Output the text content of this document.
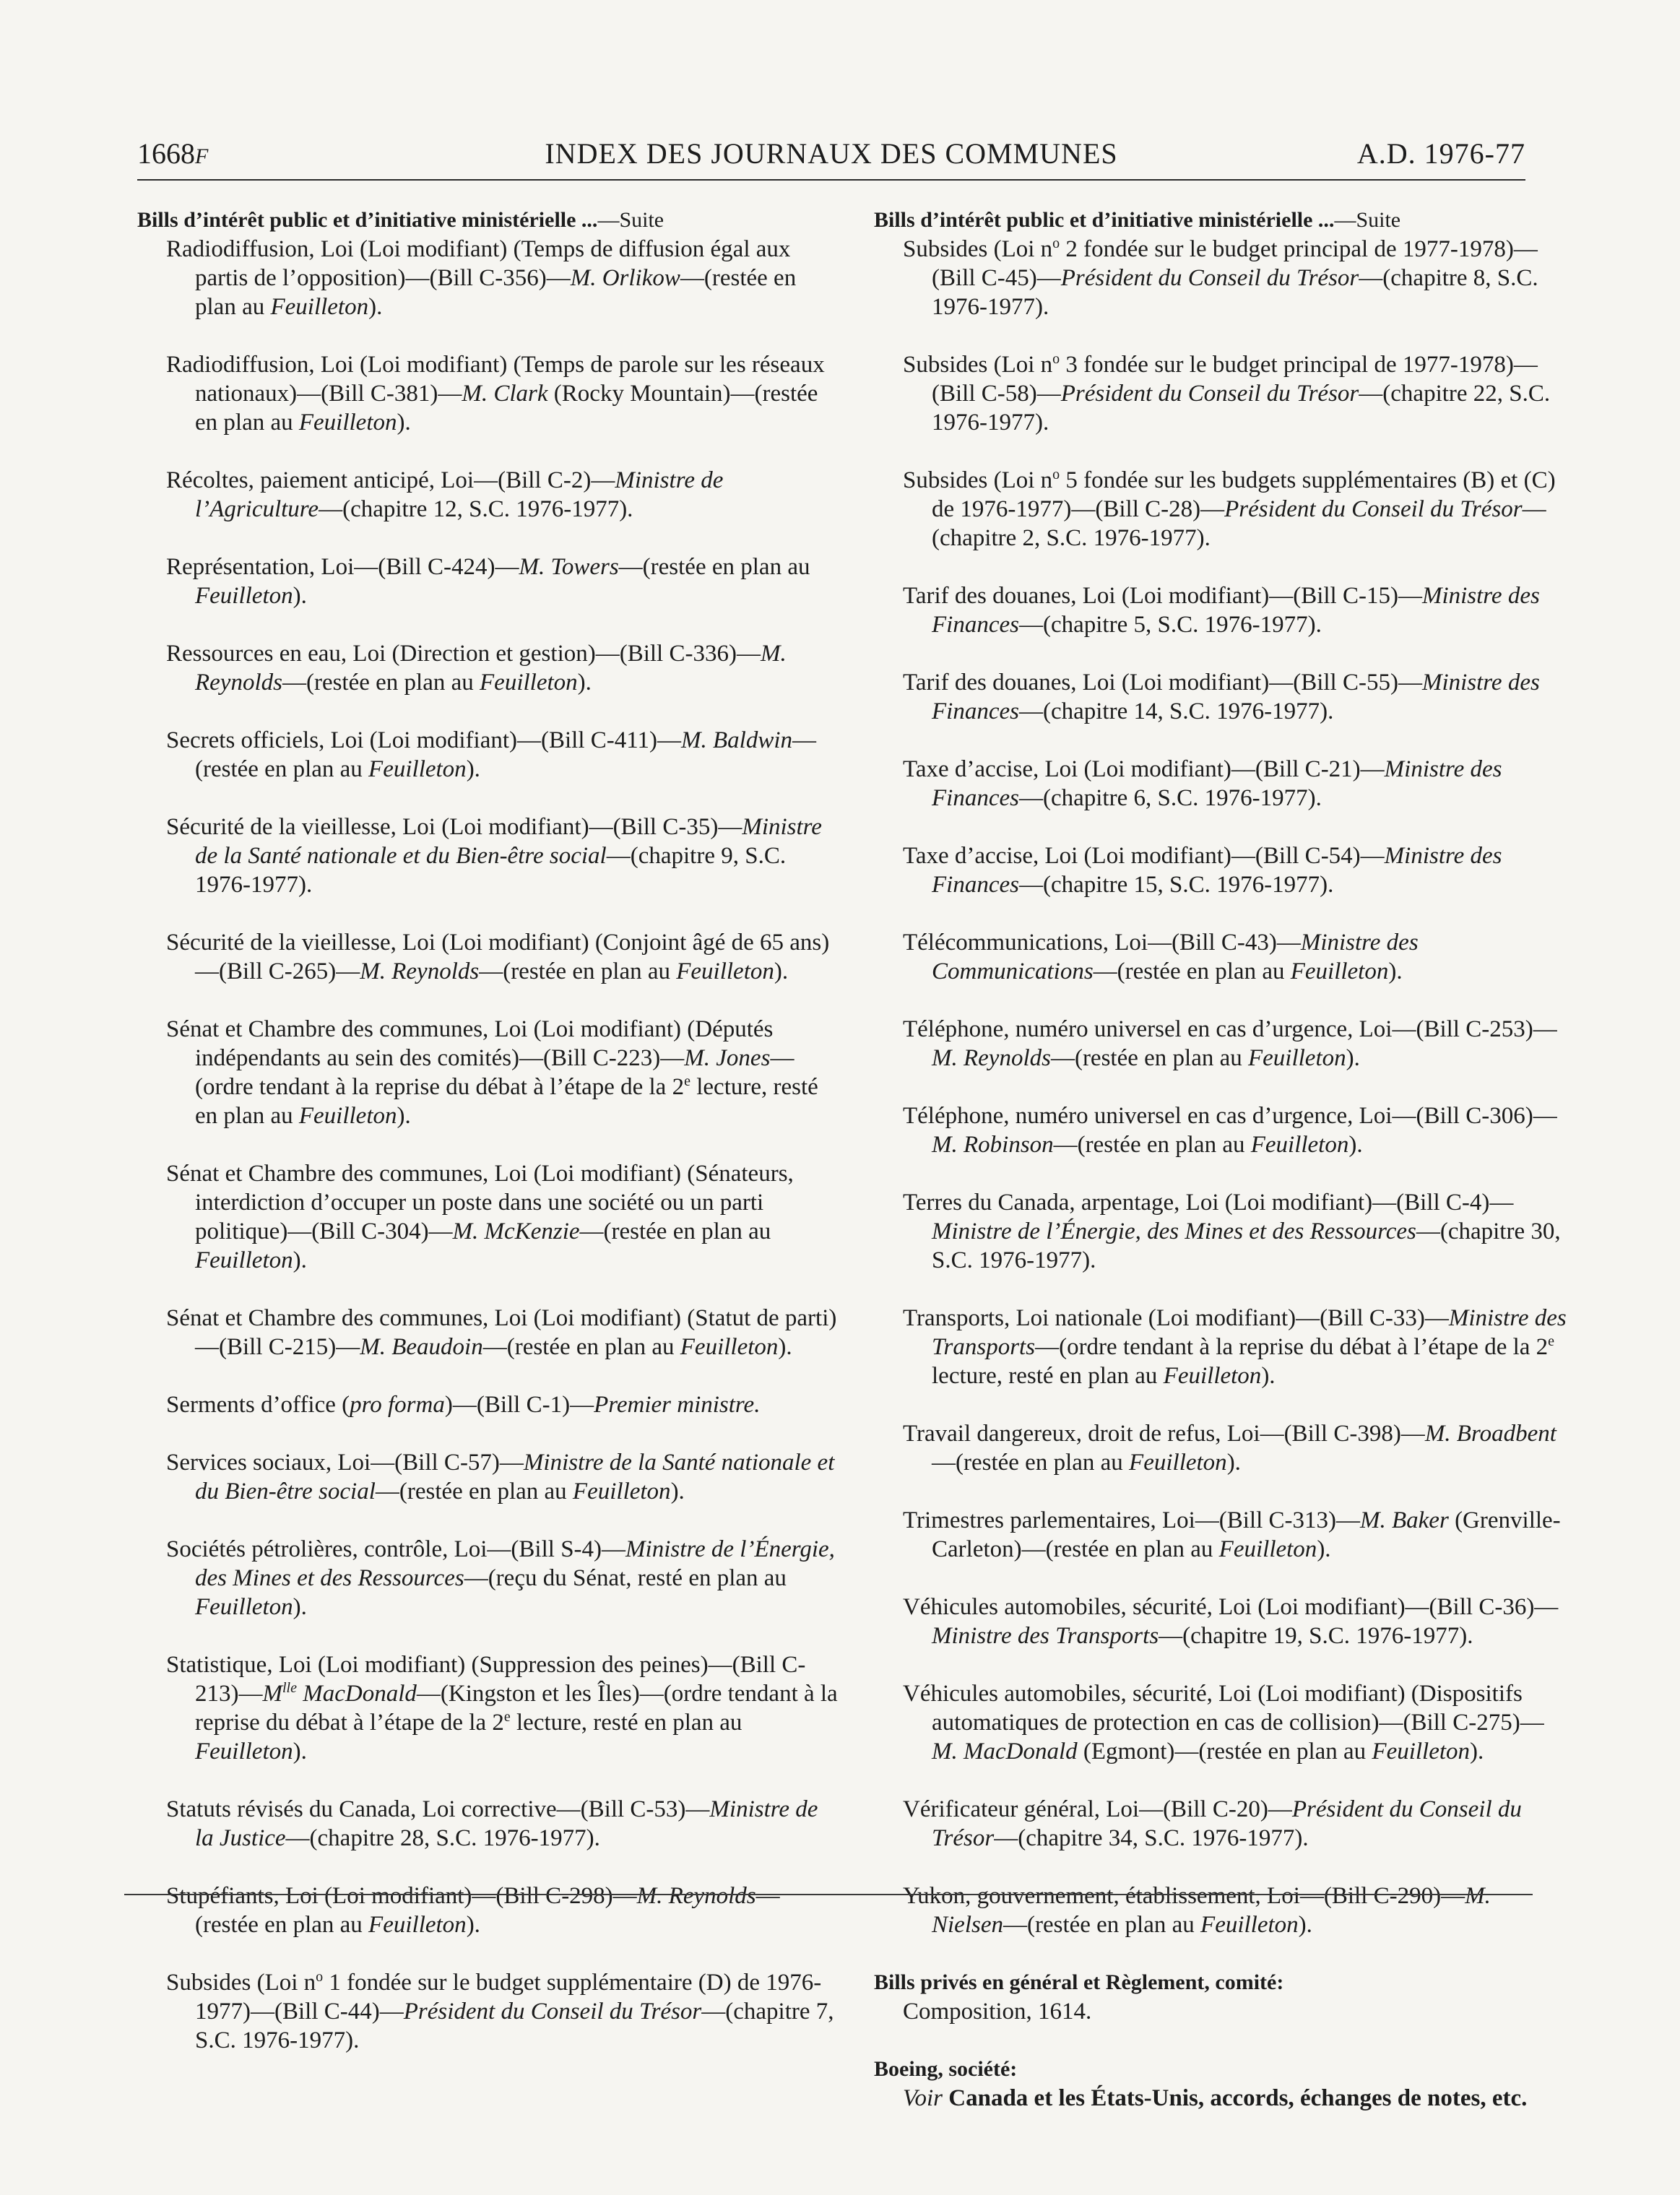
1668F	INDEX DES JOURNAUX DES COMMUNES	A.D. 1976-77

Bills d’intérêt public et d’initiative ministérielle ...—Suite

Radiodiffusion, Loi (Loi modifiant) (Temps de diffusion égal aux partis de l’opposition)—(Bill C-356)—M. Orlikow—(restée en plan au Feuilleton).

Radiodiffusion, Loi (Loi modifiant) (Temps de parole sur les réseaux nationaux)—(Bill C-381)—M. Clark (Rocky Mountain)—(restée en plan au Feuilleton).

Récoltes, paiement anticipé, Loi—(Bill C-2)—Ministre de l’Agriculture—(chapitre 12, S.C. 1976-1977).

Représentation, Loi—(Bill C-424)—M. Towers—(restée en plan au Feuilleton).

Ressources en eau, Loi (Direction et gestion)—(Bill C-336)—M. Reynolds—(restée en plan au Feuilleton).

Secrets officiels, Loi (Loi modifiant)—(Bill C-411)—M. Baldwin—(restée en plan au Feuilleton).

Sécurité de la vieillesse, Loi (Loi modifiant)—(Bill C-35)—Ministre de la Santé nationale et du Bien-être social—(chapitre 9, S.C. 1976-1977).

Sécurité de la vieillesse, Loi (Loi modifiant) (Conjoint âgé de 65 ans)—(Bill C-265)—M. Reynolds—(restée en plan au Feuilleton).

Sénat et Chambre des communes, Loi (Loi modifiant) (Députés indépendants au sein des comités)—(Bill C-223)—M. Jones—(ordre tendant à la reprise du débat à l’étape de la 2e lecture, resté en plan au Feuilleton).

Sénat et Chambre des communes, Loi (Loi modifiant) (Sénateurs, interdiction d’occuper un poste dans une société ou un parti politique)—(Bill C-304)—M. McKenzie—(restée en plan au Feuilleton).

Sénat et Chambre des communes, Loi (Loi modifiant) (Statut de parti)—(Bill C-215)—M. Beaudoin—(restée en plan au Feuilleton).

Serments d’office (pro forma)—(Bill C-1)—Premier ministre.

Services sociaux, Loi—(Bill C-57)—Ministre de la Santé nationale et du Bien-être social—(restée en plan au Feuilleton).

Sociétés pétrolières, contrôle, Loi—(Bill S-4)—Ministre de l’Énergie, des Mines et des Ressources—(reçu du Sénat, resté en plan au Feuilleton).

Statistique, Loi (Loi modifiant) (Suppression des peines)—(Bill $C-213)—M^{lle}$ MacDonald—(Kingston et les Îles)—(ordre tendant à la reprise du débat à l’étape de la 2e lecture, resté en plan au Feuilleton).

Statuts révisés du Canada, Loi corrective—(Bill C-53)—Ministre de la Justice—(chapitre 28, S.C. 1976-1977).

Stupéfiants, Loi (Loi modifiant)—(Bill C-298)—M. Reynolds—(restée en plan au Feuilleton).

Subsides (Loi $n^o$ 1 fondée sur le budget supplémentaire (D) de 1976-1977)—(Bill C-44)—Président du Conseil du Trésor—(chapitre 7, S.C. 1976-1977).

Bills d’intérêt public et d’initiative ministérielle ...—Suite

Subsides (Loi $n^o$ 2 fondée sur le budget principal de 1977-1978)—(Bill C-45)—Président du Conseil du Trésor—(chapitre 8, S.C. 1976-1977).

Subsides (Loi $n^o$ 3 fondée sur le budget principal de 1977-1978)—(Bill C-58)—Président du Conseil du Trésor—(chapitre 22, S.C. 1976-1977).

Subsides (Loi $n^o$ 5 fondée sur les budgets supplémentaires (B) et (C) de 1976-1977)—(Bill C-28)—Président du Conseil du Trésor—(chapitre 2, S.C. 1976-1977).

Tarif des douanes, Loi (Loi modifiant)—(Bill C-15)—Ministre des Finances—(chapitre 5, S.C. 1976-1977).

Tarif des douanes, Loi (Loi modifiant)—(Bill C-55)—Ministre des Finances—(chapitre 14, S.C. 1976-1977).

Taxe d’accise, Loi (Loi modifiant)—(Bill C-21)—Ministre des Finances—(chapitre 6, S.C. 1976-1977).

Taxe d’accise, Loi (Loi modifiant)—(Bill C-54)—Ministre des Finances—(chapitre 15, S.C. 1976-1977).

Télécommunications, Loi—(Bill C-43)—Ministre des Communications—(restée en plan au Feuilleton).

Téléphone, numéro universel en cas d’urgence, Loi—(Bill C-253)—M. Reynolds—(restée en plan au Feuilleton).

Téléphone, numéro universel en cas d’urgence, Loi—(Bill C-306)—M. Robinson—(restée en plan au Feuilleton).

Terres du Canada, arpentage, Loi (Loi modifiant)—(Bill C-4)—Ministre de l’Énergie, des Mines et des Ressources—(chapitre 30, S.C. 1976-1977).

Transports, Loi nationale (Loi modifiant)—(Bill C-33)—Ministre des Transports—(ordre tendant à la reprise du débat à l’étape de la 2e lecture, resté en plan au Feuilleton).

Travail dangereux, droit de refus, Loi—(Bill C-398)—M. Broadbent—(restée en plan au Feuilleton).

Trimestres parlementaires, Loi—(Bill C-313)—M. Baker (Grenville-Carleton)—(restée en plan au Feuilleton).

Véhicules automobiles, sécurité, Loi (Loi modifiant)—(Bill C-36)—Ministre des Transports—(chapitre 19, S.C. 1976-1977).

Véhicules automobiles, sécurité, Loi (Loi modifiant) (Dispositifs automatiques de protection en cas de collision)—(Bill C-275)—M. MacDonald (Egmont)—(restée en plan au Feuilleton).

Vérificateur général, Loi—(Bill C-20)—Président du Conseil du Trésor—(chapitre 34, S.C. 1976-1977).

Yukon, gouvernement, établissement, Loi—(Bill C-290)—M. Nielsen—(restée en plan au Feuilleton).

Bills privés en général et Règlement, comité:

Composition, 1614.

Boeing, société:

Voir Canada et les États-Unis, accords, échanges de notes, etc.
